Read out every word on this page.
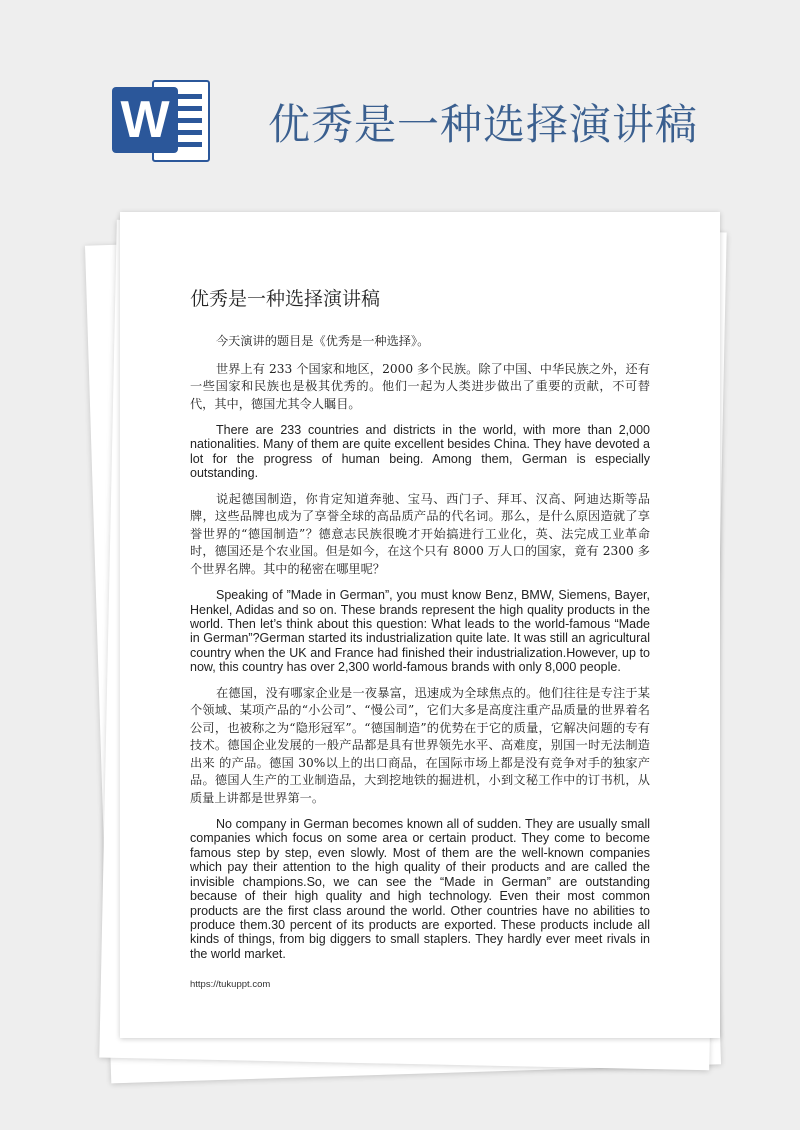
W 优秀是一种选择演讲稿
优秀是一种选择演讲稿

今天演讲的题目是《优秀是一种选择》。

世界上有 233 个国家和地区，2000 多个民族。除了中国、中华民族之外，还有一些国家和民族也是极其优秀的。他们一起为人类进步做出了重要的贡献，不可替代，其中，德国尤其令人瞩目。

There are 233 countries and districts in the world, with more than 2,000 nationalities. Many of them are quite excellent besides China. They have devoted a lot for the progress of human being. Among them, German is especially outstanding.

说起德国制造，你肯定知道奔驰、宝马、西门子、拜耳、汉高、阿迪达斯等品牌，这些品牌也成为了享誉全球的高品质产品的代名词。那么，是什么原因造就了享誉世界的“德国制造”？德意志民族很晚才开始搞进行工业化，英、法完成工业革命时，德国还是个农业国。但是如今，在这个只有 8000 万人口的国家，竟有 2300 多个世界名牌。其中的秘密在哪里呢？

Speaking of ”Made in German”, you must know Benz, BMW, Siemens, Bayer, Henkel, Adidas and so on. These brands represent the high quality products in the world. Then let’s think about this question: What leads to the world-famous “Made in German”?German started its industrialization quite late. It was still an agricultural country when the UK and France had finished their industrialization.However, up to now, this country has over 2,300 world-famous brands with only 8,000 people.

在德国，没有哪家企业是一夜暴富，迅速成为全球焦点的。他们往往是专注于某个领域、某项产品的“小公司”、“慢公司”，它们大多是高度注重产品质量的世界着名公司，也被称之为“隐形冠军”。“德国制造”的优势在于它的质量，它解决问题的专有技术。德国企业发展的一般产品都是具有世界领先水平、高难度，别国一时无法制造出来 的产品。德国 30%以上的出口商品，在国际市场上都是没有竞争对手的独家产品。德国人生产的工业制造品，大到挖地铁的掘进机，小到文秘工作中的订书机，从 质量上讲都是世界第一。

No company in German becomes known all of sudden. They are usually small companies which focus on some area or certain product. They come to become famous step by step, even slowly. Most of them are the well-known companies which pay their attention to the high quality of their products and are called the invisible champions.So, we can see the “Made in German” are outstanding because of their high quality and high technology. Even their most common products are the first class around the world. Other countries have no abilities to produce them.30 percent of its products are exported. These products include all kinds of things, from big diggers to small staplers. They hardly ever meet rivals in the world market.

https://tukuppt.com
